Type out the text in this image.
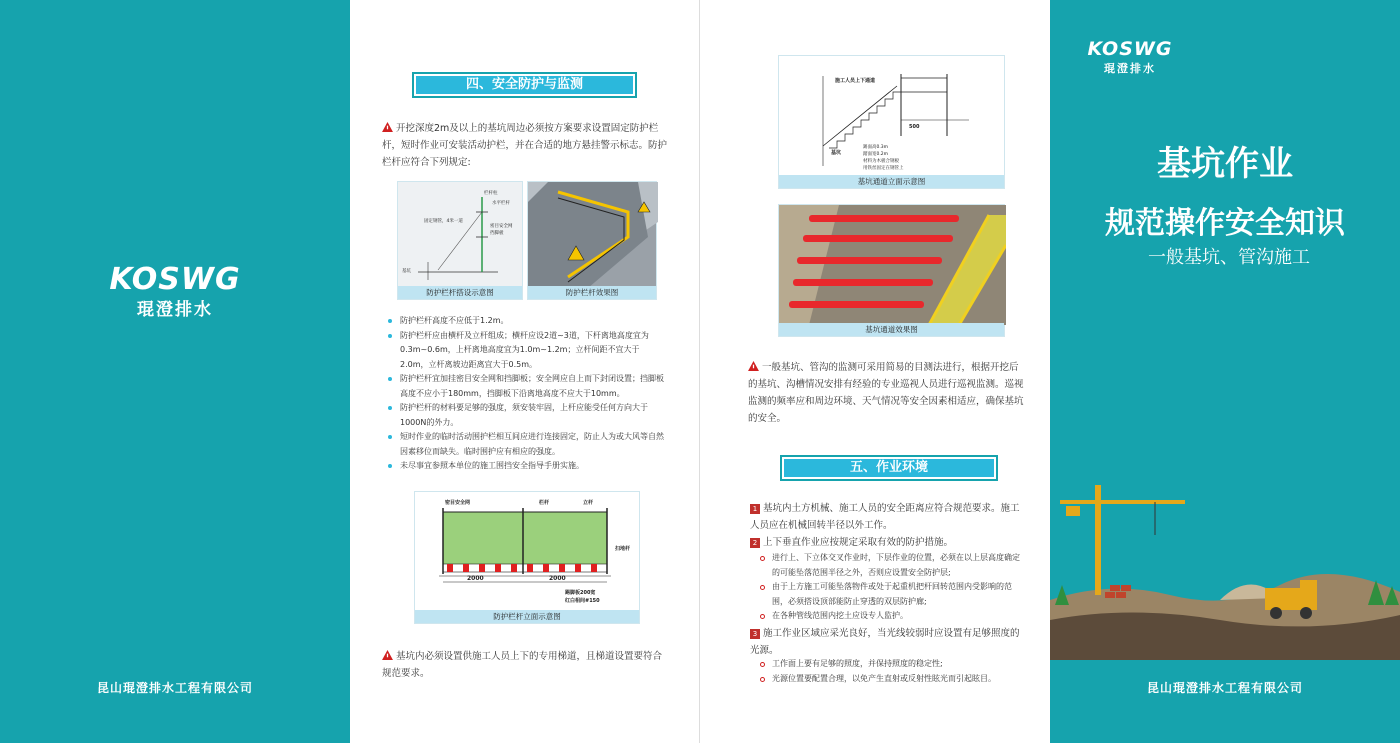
KOSWG
琨澄排水
昆山琨澄排水工程有限公司
四、安全防护与监测
开挖深度2m及以上的基坑周边必须按方案要求设置固定防护栏杆，短时作业可安装活动护栏，并在合适的地方悬挂警示标志。防护栏杆应符合下列规定:
栏杆柱
水平栏杆
密目安全网
挡脚板
固定钢管，4米一道
基坑
防护栏杆搭设示意图	防护栏杆效果图
防护栏杆高度不应低于1.2m。
防护栏杆应由横杆及立杆组成；横杆应设2道~3道，下杆离地高度宜为0.3m~0.6m，上杆离地高度宜为1.0m~1.2m；立杆间距不宜大于2.0m，立杆离坡边距离宜大于0.5m。
防护栏杆宜加挂密目安全网和挡脚板；安全网应自上而下封闭设置；挡脚板高度不应小于180mm，挡脚板下沿离地高度不应大于10mm。
防护栏杆的材料要足够的强度，须安装牢固，上杆应能受任何方向大于1000N的外力。
短时作业的临时活动围护栏相互间应进行连接固定，防止人为或大风等自然因素移位而缺失。临时围护应有相应的强度。
未尽事宜参照本单位的施工围挡安全指导手册实施。
密目安全网	栏杆	立杆
扫地杆
2000	2000
踢脚板200宽
红白相间#150
防护栏杆立面示意图
基坑内必须设置供施工人员上下的专用梯道，且梯道设置要符合规范要求。
施工人员上下通道
500
基坑
踢面高0.3m
踏面宽0.2m
材料为木板合钢板
用铁丝固定在钢管上
基坑通道立面示意图
基坑通道效果图
一般基坑、管沟的监测可采用简易的目测法进行，根据开挖后的基坑、沟槽情况安排有经验的专业巡视人员进行巡视监测。巡视监测的频率应和周边环境、天气情况等安全因素相适应，确保基坑的安全。
五、作业环境
1 基坑内土方机械、施工人员的安全距离应符合规范要求。施工人员应在机械回转半径以外工作。
2 上下垂直作业应按规定采取有效的防护措施。
进行上、下立体交叉作业时，下层作业的位置，必须在以上层高度确定的可能坠落范围半径之外，否则应设置安全防护层;
由于上方施工可能坠落物件或处于起重机把杆回转范围内受影响的范围，必须搭设顶部能防止穿透的双层防护廊;
在各种管线范围内挖土应设专人监护。
3 施工作业区域应采光良好，当光线较弱时应设置有足够照度的光源。
工作面上要有足够的照度，并保持照度的稳定性;
光源位置要配置合理，以免产生直射或反射性眩光而引起眩目。
KOSWG
琨澄排水
基坑作业
规范操作安全知识
一般基坑、管沟施工
昆山琨澄排水工程有限公司
